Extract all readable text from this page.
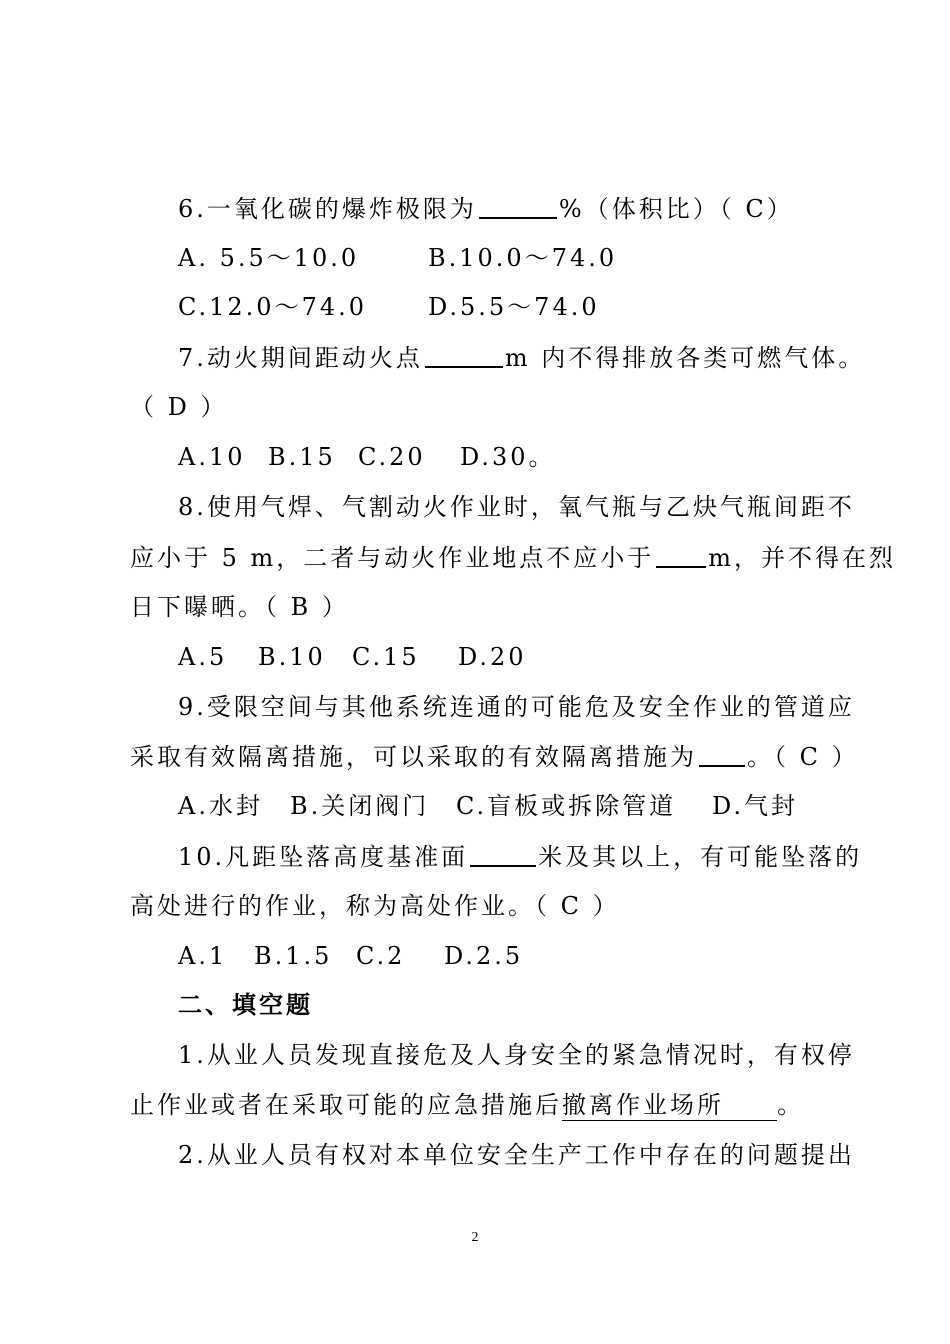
6.一氧化碳的爆炸极限为	%（体积比）（ C）
A. 5.5～10.0	B.10.0～74.0
C.12.0～74.0	D.5.5～74.0
7.动火期间距动火点	m 内不得排放各类可燃气体。
（ D ）
A.10 B.15 C.20 D.30。
8.使用气焊、气割动火作业时，氧气瓶与乙炔气瓶间距不
应小于 5 m，二者与动火作业地点不应小于 m，并不得在烈
日下曝晒。（ B ）
A.5 B.10 C.15 D.20
9.受限空间与其他系统连通的可能危及安全作业的管道应
采取有效隔离措施，可以采取的有效隔离措施为 。（ C ）
A.水封 B.关闭阀门 C.盲板或拆除管道 D.气封
10.凡距坠落高度基准面	米及其以上，有可能坠落的
高处进行的作业，称为高处作业。（ C ）
A.1 B.1.5 C.2 D.2.5
二、填空题
1.从业人员发现直接危及人身安全的紧急情况时，有权停
止作业或者在采取可能的应急措施后撤离作业场所 。
2.从业人员有权对本单位安全生产工作中存在的问题提出
2
